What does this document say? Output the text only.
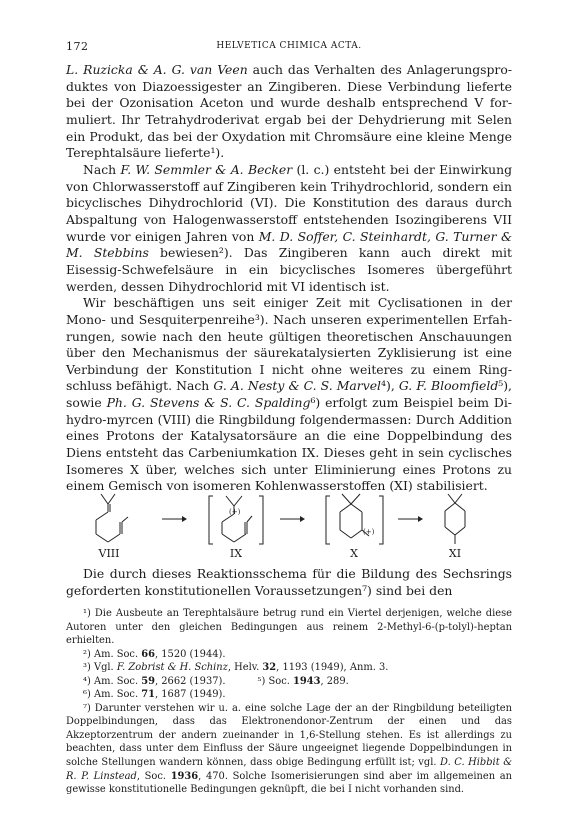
172	HELVETICA CHIMICA ACTA.

L. Ruzicka & A. G. van Veen auch das Verhalten des Anlagerungsproduktes von Diazoessigester an Zingiberen. Diese Verbindung lieferte bei der Ozonisation Aceton und wurde deshalb entsprechend V formuliert. Ihr Tetrahydroderivat ergab bei der Dehydrierung mit Selen ein Produkt, das bei der Oxydation mit Chromsäure eine kleine Menge Terephtalsäure lieferte¹).

Nach F. W. Semmler & A. Becker (l. c.) entsteht bei der Einwirkung von Chlorwasserstoff auf Zingiberen kein Trihydrochlorid, sondern ein bicyclisches Dihydrochlorid (VI). Die Konstitution des daraus durch Abspaltung von Halogenwasserstoff entstehenden Isozingiberens VII wurde vor einigen Jahren von M. D. Soffer, C. Steinhardt, G. Turner & M. Stebbins bewiesen²). Das Zingiberen kann auch direkt mit Eisessig-Schwefelsäure in ein bicyclisches Isomeres übergeführt werden, dessen Dihydrochlorid mit VI identisch ist.

Wir beschäftigen uns seit einiger Zeit mit Cyclisationen in der Mono- und Sesquiterpenreihe³). Nach unseren experimentellen Erfahrungen, sowie nach den heute gültigen theoretischen Anschauungen über den Mechanismus der säurekatalysierten Zyklisierung ist eine Verbindung der Konstitution I nicht ohne weiteres zu einem Ringschluss befähigt. Nach G. A. Nesty & C. S. Marvel⁴), G. F. Bloomfield⁵), sowie Ph. G. Stevens & S. C. Spalding⁶) erfolgt zum Beispiel beim Dihydro-myrcen (VIII) die Ringbildung folgendermassen: Durch Addition eines Protons der Katalysatorsäure an die eine Doppelbindung des Diens entsteht das Carbeniumkation IX. Dieses geht in sein cyclisches Isomeres X über, welches sich unter Eliminierung eines Protons zu einem Gemisch von isomeren Kohlenwasserstoffen (XI) stabilisiert.

(+)
(+)
VIII	IX	X	XI

Die durch dieses Reaktionsschema für die Bildung des Sechsrings geforderten konstitutionellen Voraussetzungen⁷) sind bei den

¹) Die Ausbeute an Terephtalsäure betrug rund ein Viertel derjenigen, welche diese Autoren unter den gleichen Bedingungen aus reinem 2-Methyl-6-(p-tolyl)-heptan erhielten.

²) Am. Soc. 66, 1520 (1944).

³) Vgl. F. Zobrist & H. Schinz, Helv. 32, 1193 (1949), Anm. 3.

⁴) Am. Soc. 59, 2662 (1937).	⁵) Soc. 1943, 289.

⁶) Am. Soc. 71, 1687 (1949).

⁷) Darunter verstehen wir u. a. eine solche Lage der an der Ringbildung beteiligten Doppelbindungen, dass das Elektronendonor-Zentrum der einen und das Akzeptorzentrum der andern zueinander in 1,6-Stellung stehen. Es ist allerdings zu beachten, dass unter dem Einfluss der Säure ungeeignet liegende Doppelbindungen in solche Stellungen wandern können, dass obige Bedingung erfüllt ist; vgl. D. C. Hibbit & R. P. Linstead, Soc. 1936, 470. Solche Isomerisierungen sind aber im allgemeinen an gewisse konstitutionelle Bedingungen geknüpft, die bei I nicht vorhanden sind.
